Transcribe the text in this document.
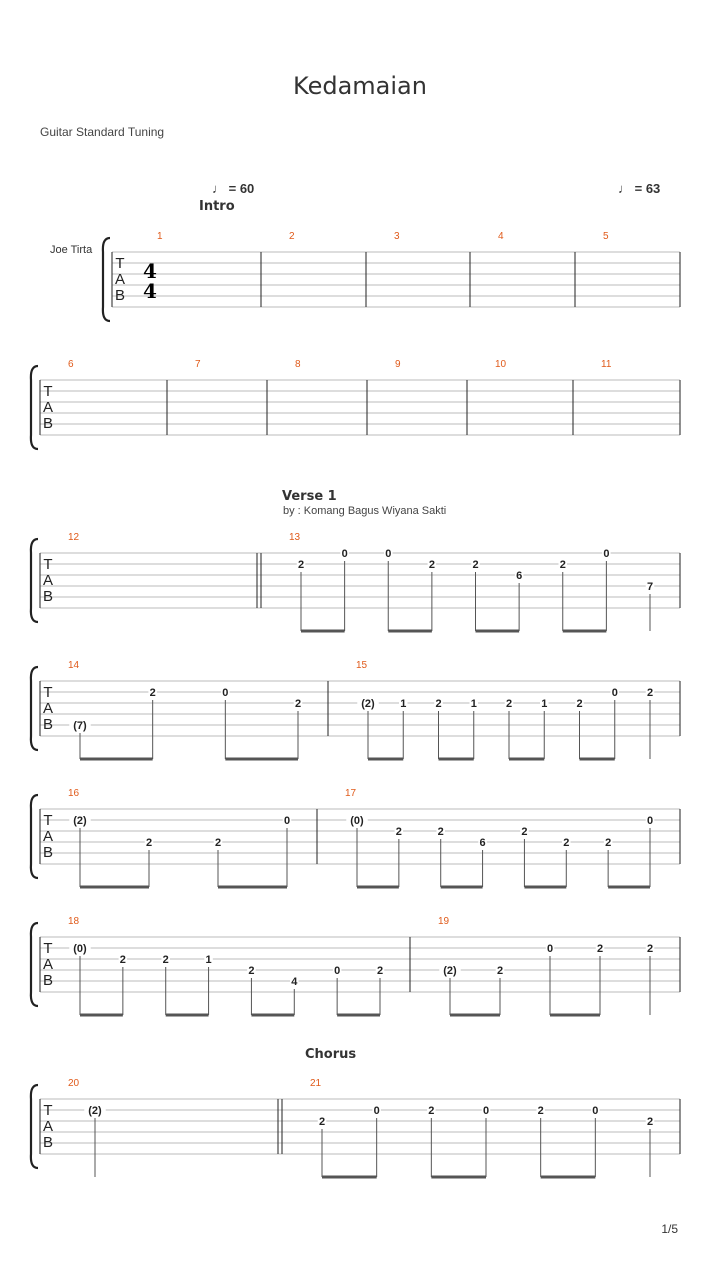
Kedamaian
Guitar Standard Tuning
♩ = 60
Intro
♩ = 63
Joe Tirta
Verse 1
by : Komang Bagus Wiyana Sakti
Chorus
1/5
T
A
B
4
4
1	2	3	4	5
T
A
B
6	7	8	9	10	11
T
A
B
12	13
2
0	0
2	2
6
2
0
7
T
A
B
14
(7)
2	0
2
15
(2) 1	2	1	2	1	2
0	2
T
A
B
16
(2)
2	2
0
17
(0)
2	2
6
2
2	2
0
T
A
B
18
(0)
2	2	1
2
4
0	2
19
(2)	2
0	2	2
T
A
B
20
(2)
21
2
0	2	0	2	0
2
